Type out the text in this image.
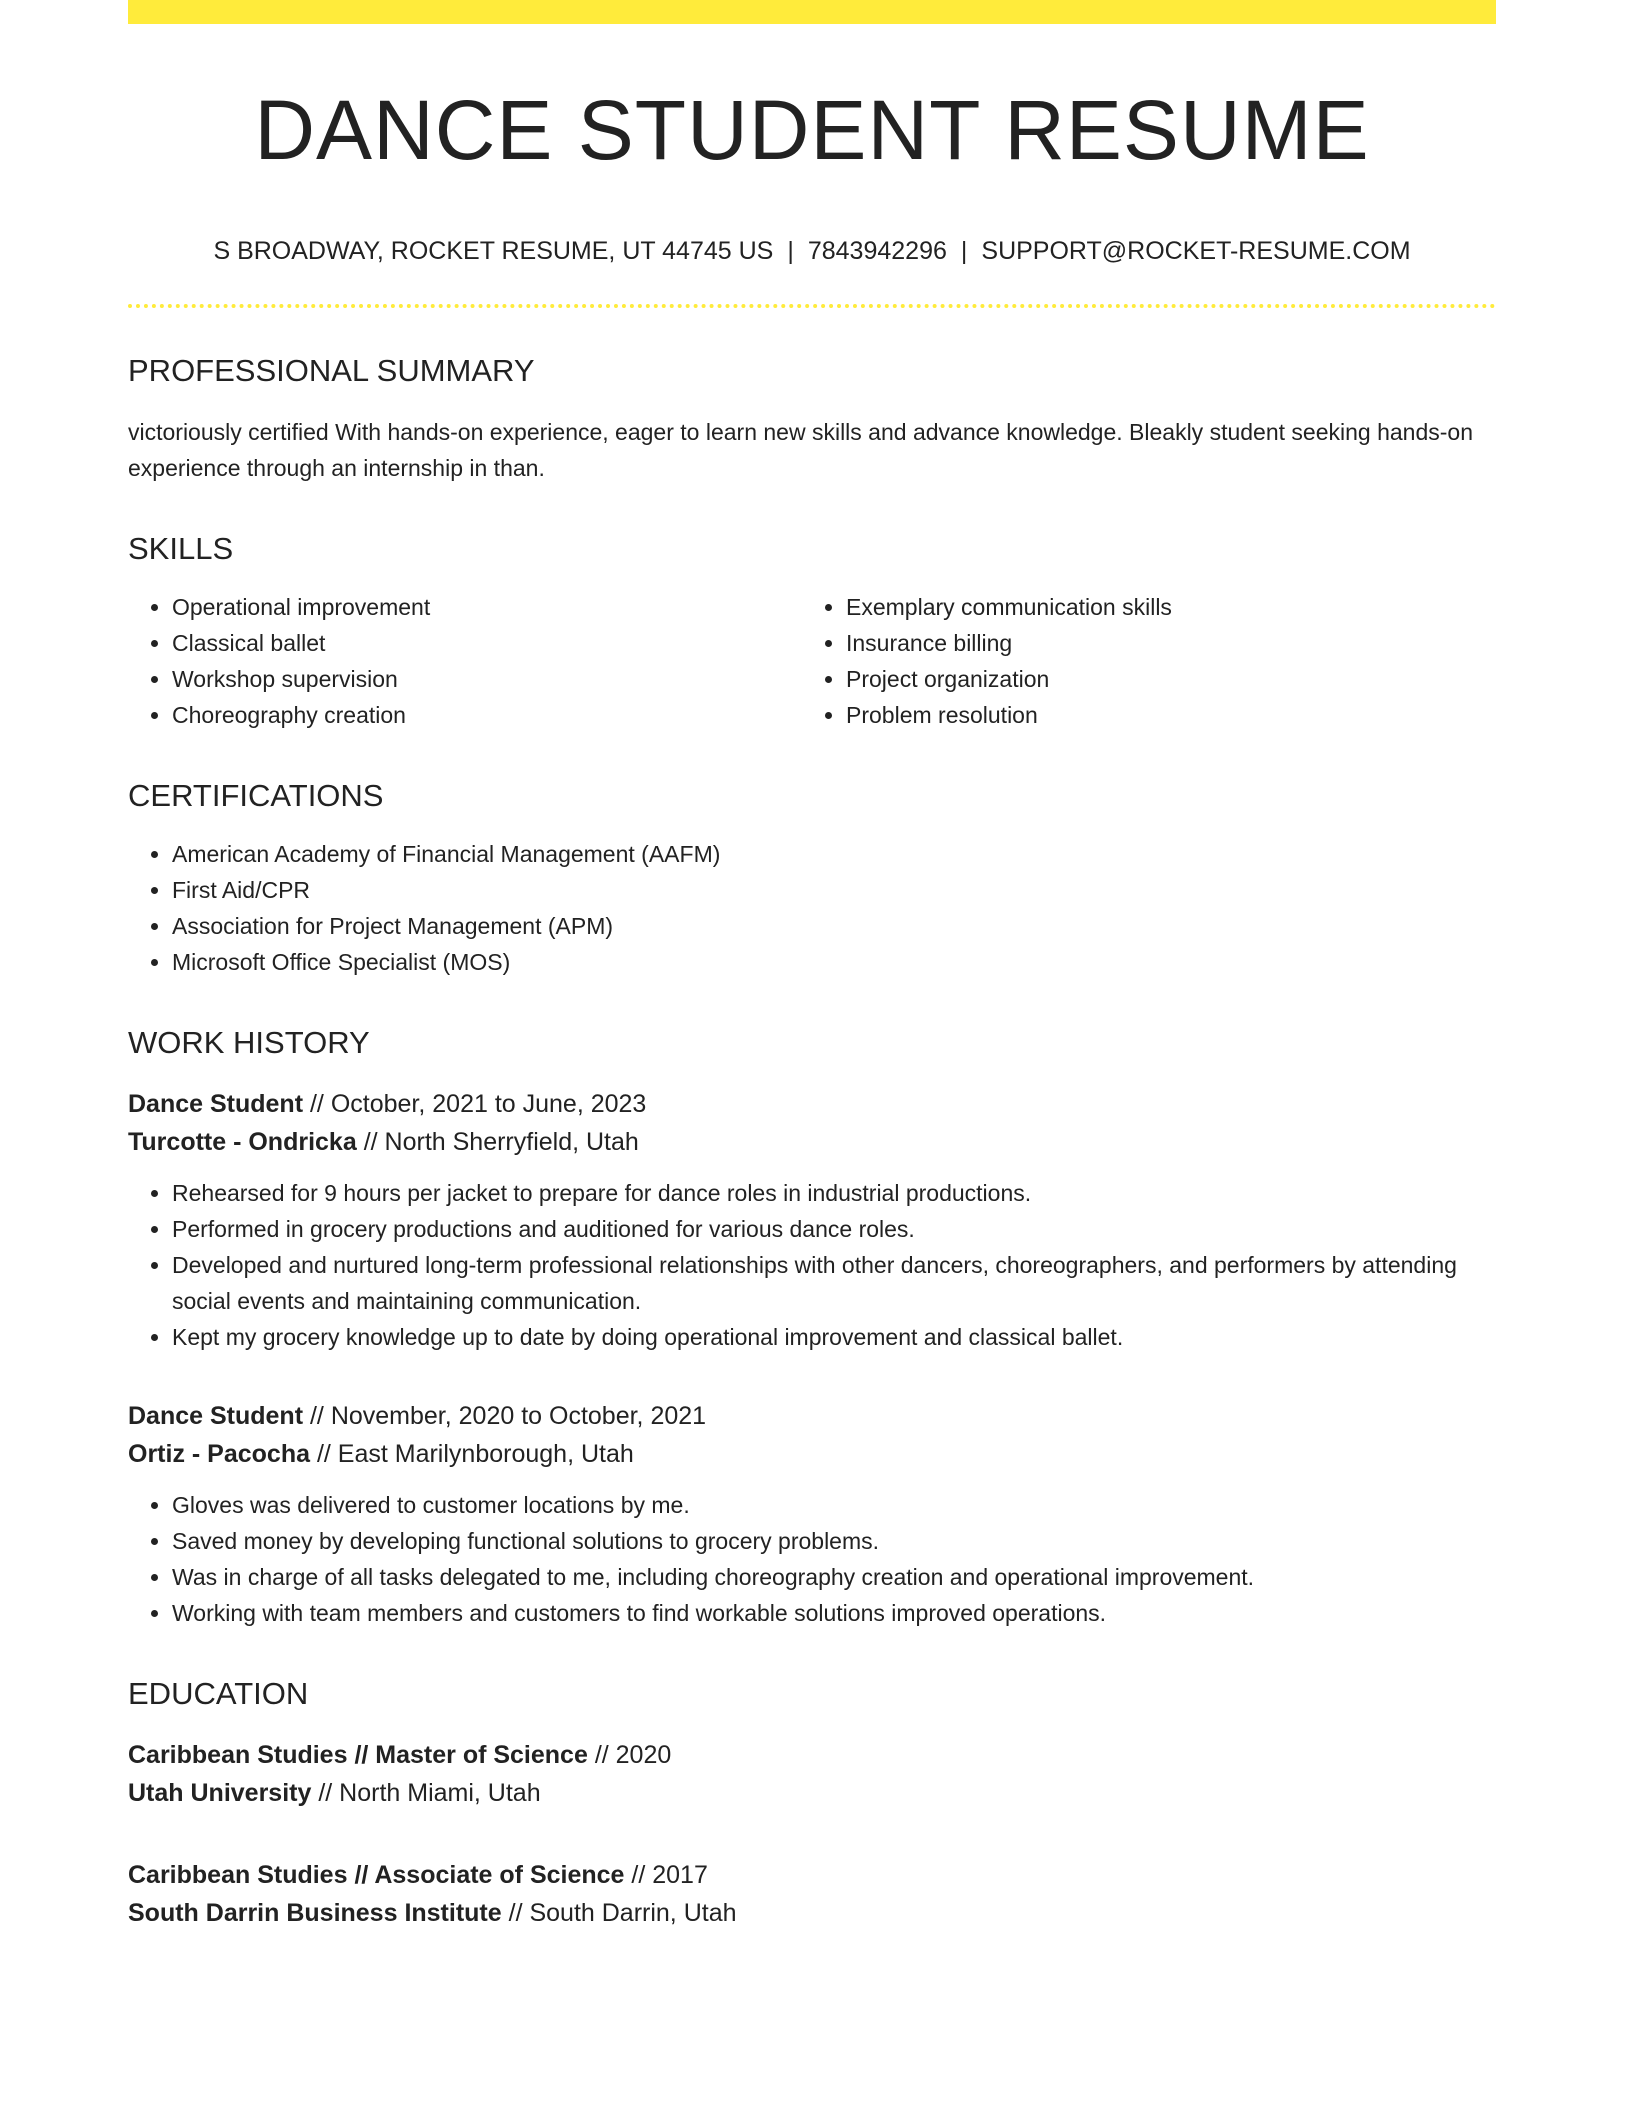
DANCE STUDENT RESUME
S BROADWAY, ROCKET RESUME, UT 44745 US | 7843942296 | SUPPORT@ROCKET-RESUME.COM
PROFESSIONAL SUMMARY

victoriously certified With hands-on experience, eager to learn new skills and advance knowledge. Bleakly student seeking hands-on experience through an internship in than.

SKILLS
• Operational improvement
• Classical ballet
• Workshop supervision
• Choreography creation
• Exemplary communication skills
• Insurance billing
• Project organization
• Problem resolution
CERTIFICATIONS
• American Academy of Financial Management (AAFM)
• First Aid/CPR
• Association for Project Management (APM)
• Microsoft Office Specialist (MOS)
WORK HISTORY
Dance Student // October, 2021 to June, 2023
Turcotte - Ondricka // North Sherryfield, Utah
• Rehearsed for 9 hours per jacket to prepare for dance roles in industrial productions.
• Performed in grocery productions and auditioned for various dance roles.
• Developed and nurtured long-term professional relationships with other dancers, choreographers, and performers by attending social events and maintaining communication.
• Kept my grocery knowledge up to date by doing operational improvement and classical ballet.
Dance Student // November, 2020 to October, 2021
Ortiz - Pacocha // East Marilynborough, Utah
• Gloves was delivered to customer locations by me.
• Saved money by developing functional solutions to grocery problems.
• Was in charge of all tasks delegated to me, including choreography creation and operational improvement.
• Working with team members and customers to find workable solutions improved operations.
EDUCATION
Caribbean Studies // Master of Science // 2020
Utah University // North Miami, Utah
Caribbean Studies // Associate of Science // 2017
South Darrin Business Institute // South Darrin, Utah
